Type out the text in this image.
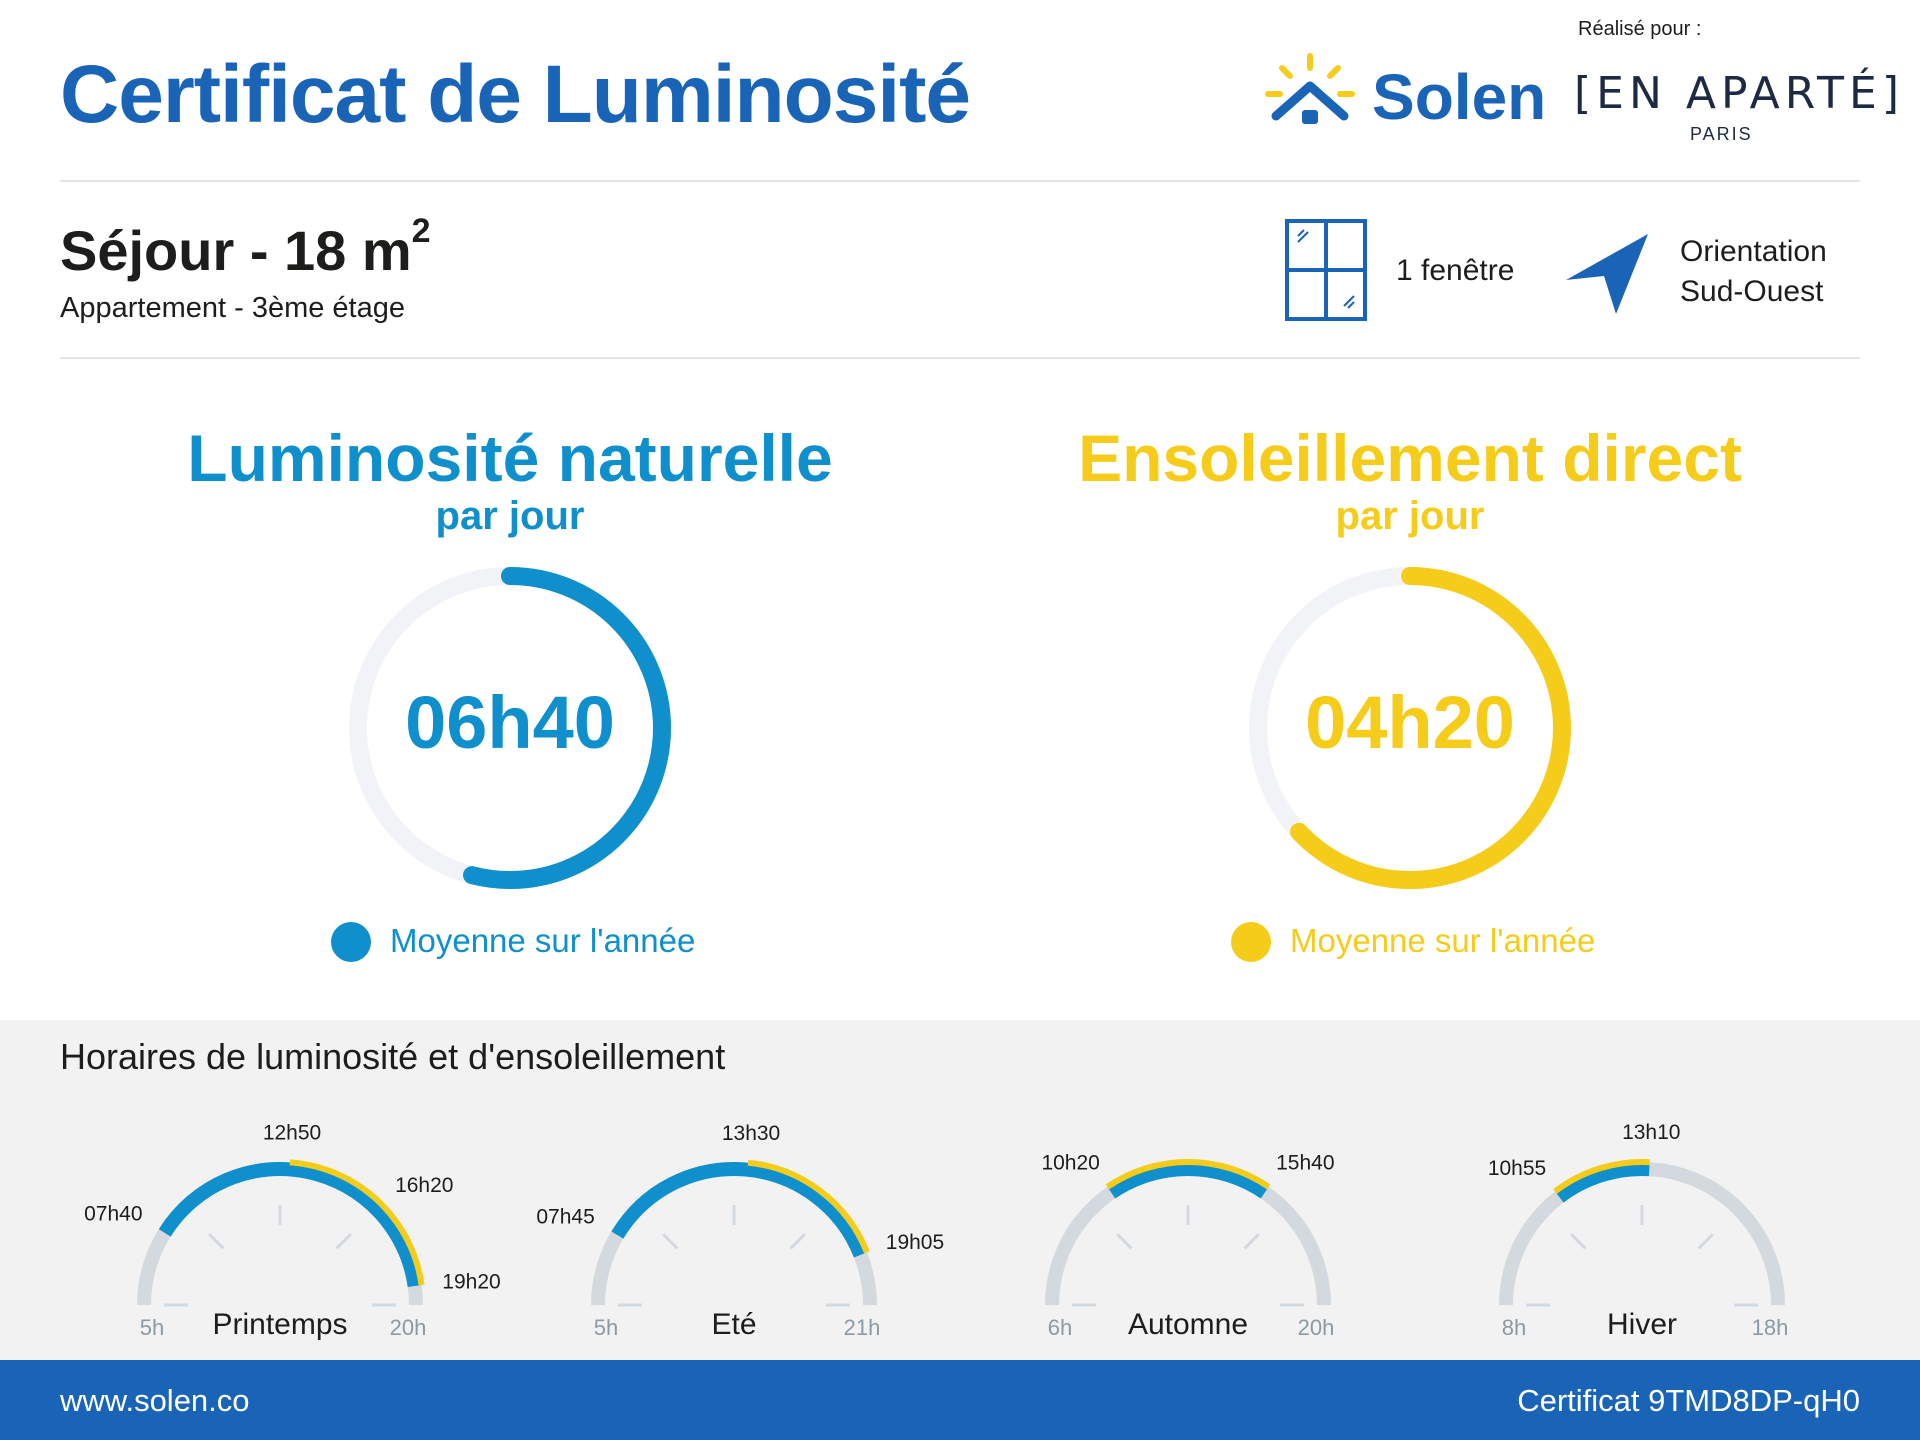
Certificat de Luminosité	Solen
Réalisé pour :
[EN APARTÉ]
PARIS
Séjour - 18 $m^2$
Appartement - 3ème étage
1 fenêtre
Orientation
Sud-Ouest
Luminosité naturelle
par jour
06h40
Moyenne sur l'année
Ensoleillement direct
par jour
04h20
Moyenne sur l'année
Horaires de luminosité et d'ensoleillement
5h	20h
07h40
19h20
12h50
16h20
5h	21h
07h45
19h05
13h30
6h	20h
10h20	15h40
8h	18h
10h55
13h10
Printemps	Eté	Automne	Hiver
www.solen.co	Certificat 9TMD8DP-qH0
